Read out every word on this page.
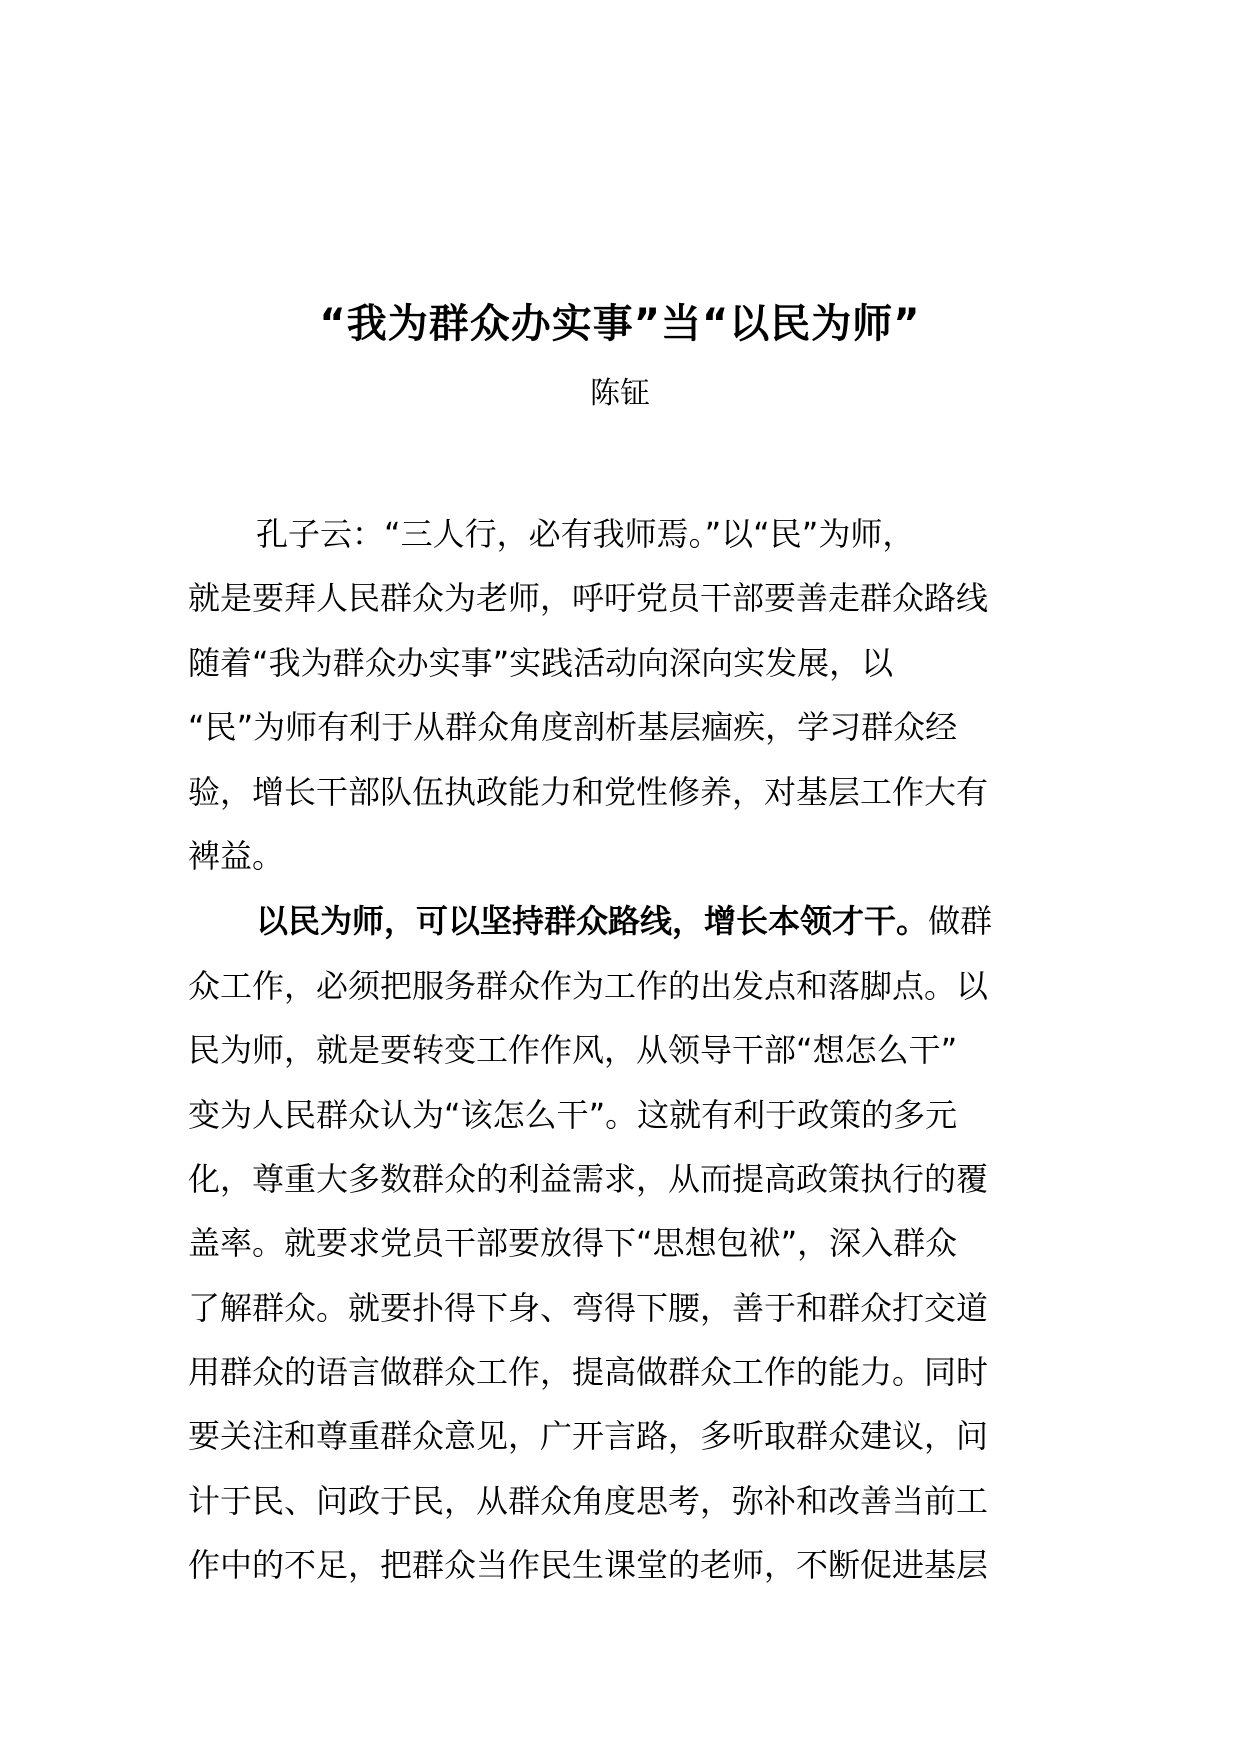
“我为群众办实事”当“以民为师”
陈钲
孔子云：“三人行，必有我师焉。”以“民”为师，
就是要拜人民群众为老师，呼吁党员干部要善走群众路线
随着“我为群众办实事”实践活动向深向实发展，以
“民”为师有利于从群众角度剖析基层痼疾，学习群众经
验，增长干部队伍执政能力和党性修养，对基层工作大有
裨益。
以民为师，可以坚持群众路线，增长本领才干。做群
众工作，必须把服务群众作为工作的出发点和落脚点。以
民为师，就是要转变工作作风，从领导干部“想怎么干”
变为人民群众认为“该怎么干”。这就有利于政策的多元
化，尊重大多数群众的利益需求，从而提高政策执行的覆
盖率。就要求党员干部要放得下“思想包袱”，深入群众
了解群众。就要扑得下身、弯得下腰，善于和群众打交道
用群众的语言做群众工作，提高做群众工作的能力。同时
要关注和尊重群众意见，广开言路，多听取群众建议，问
计于民、问政于民，从群众角度思考，弥补和改善当前工
作中的不足，把群众当作民生课堂的老师，不断促进基层
